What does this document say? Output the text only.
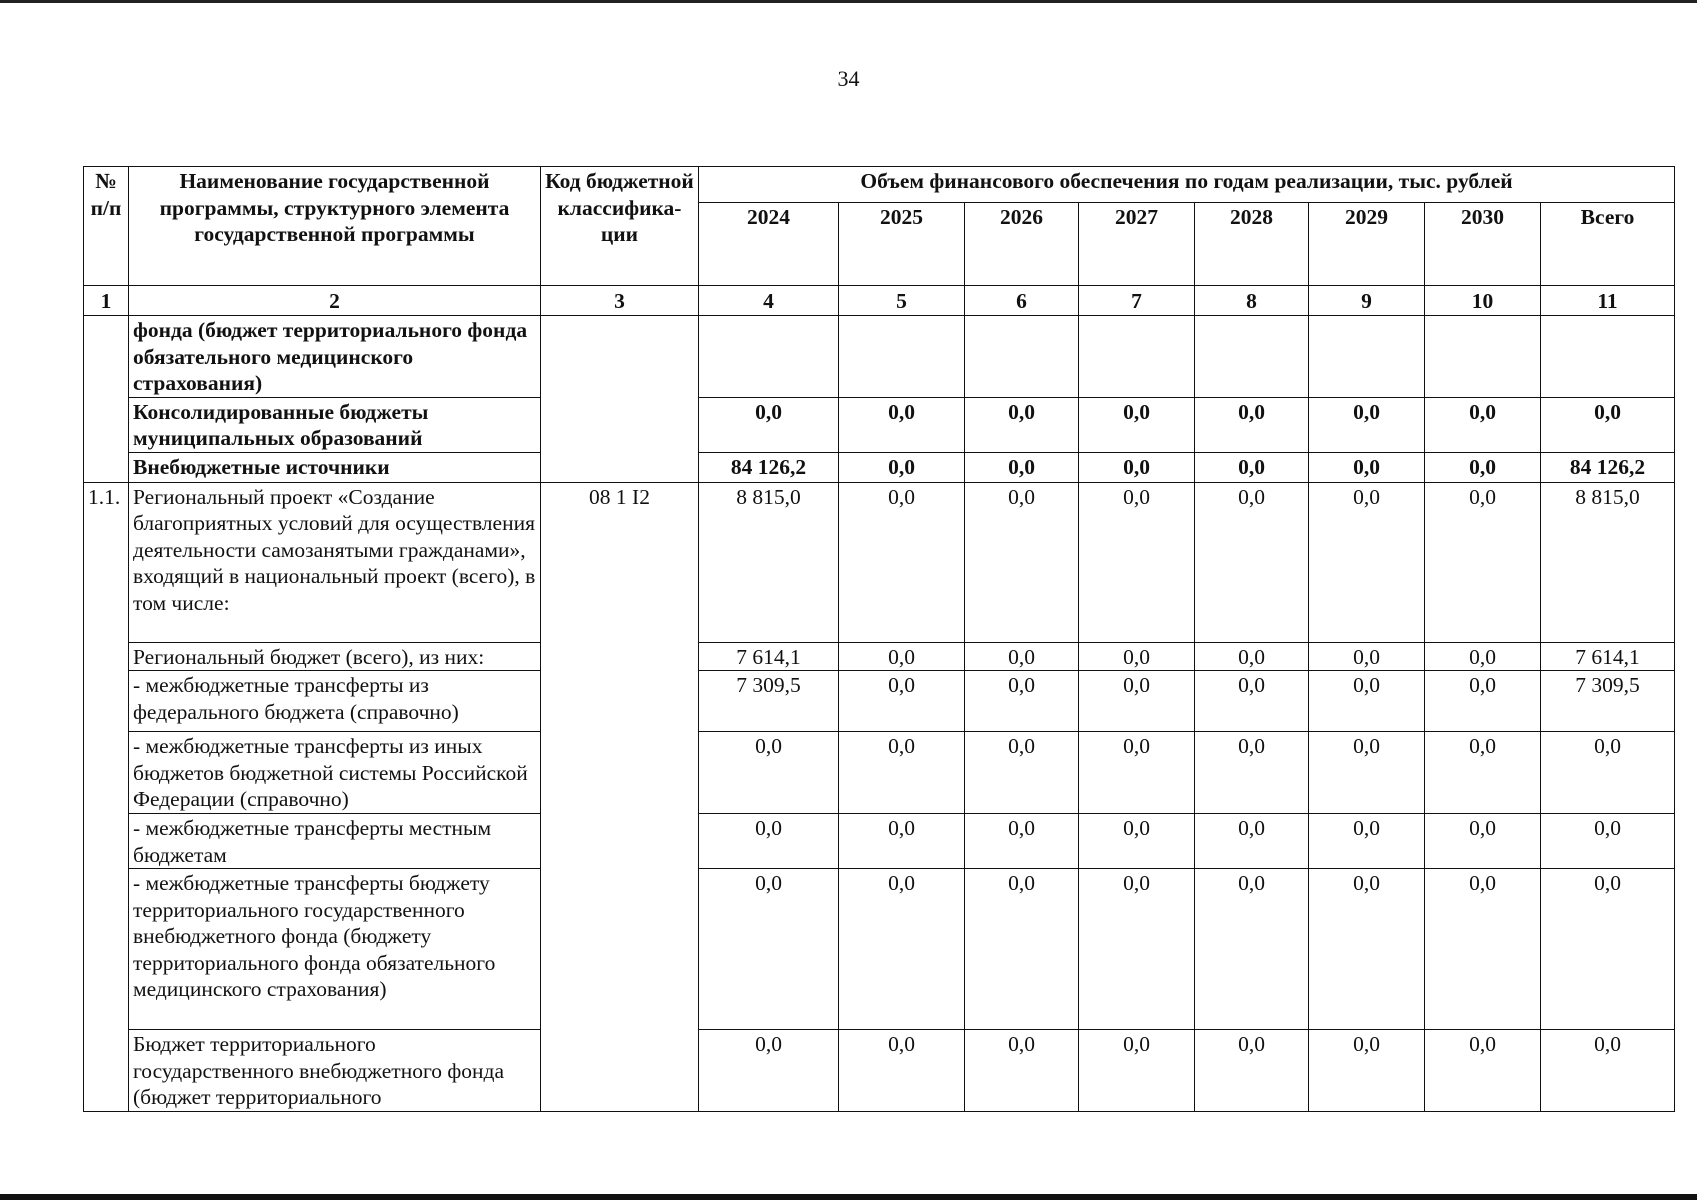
34
№ п/п	Наименование государственной программы, структурного элемента государственной программы	Код бюджетной классифика-ции	Объем финансового обеспечения по годам реализации, тыс. рублей							
			2024	2025	2026	2027	2028	2029	2030	Всего
1	2	3	4	5	6	7	8	9	10	11
	фонда (бюджет территориального фонда обязательного медицинского страхования)									
	Консолидированные бюджеты муниципальных образований		0,0	0,0	0,0	0,0	0,0	0,0	0,0	0,0
	Внебюджетные источники		84 126,2	0,0	0,0	0,0	0,0	0,0	0,0	84 126,2
1.1.	Региональный проект «Создание благоприятных условий для осуществления деятельности самозанятыми гражданами», входящий в национальный проект (всего), в том числе:	08 1 I2	8 815,0	0,0	0,0	0,0	0,0	0,0	0,0	8 815,0
	Региональный бюджет (всего), из них:		7 614,1	0,0	0,0	0,0	0,0	0,0	0,0	7 614,1
	- межбюджетные трансферты из федерального бюджета (справочно)		7 309,5	0,0	0,0	0,0	0,0	0,0	0,0	7 309,5
	- межбюджетные трансферты из иных бюджетов бюджетной системы Российской Федерации (справочно)		0,0	0,0	0,0	0,0	0,0	0,0	0,0	0,0
	- межбюджетные трансферты местным бюджетам		0,0	0,0	0,0	0,0	0,0	0,0	0,0	0,0
	- межбюджетные трансферты бюджету территориального государственного внебюджетного фонда (бюджету территориального фонда обязательного медицинского страхования)		0,0	0,0	0,0	0,0	0,0	0,0	0,0	0,0
	Бюджет территориального государственного внебюджетного фонда (бюджет территориального		0,0	0,0	0,0	0,0	0,0	0,0	0,0	0,0
